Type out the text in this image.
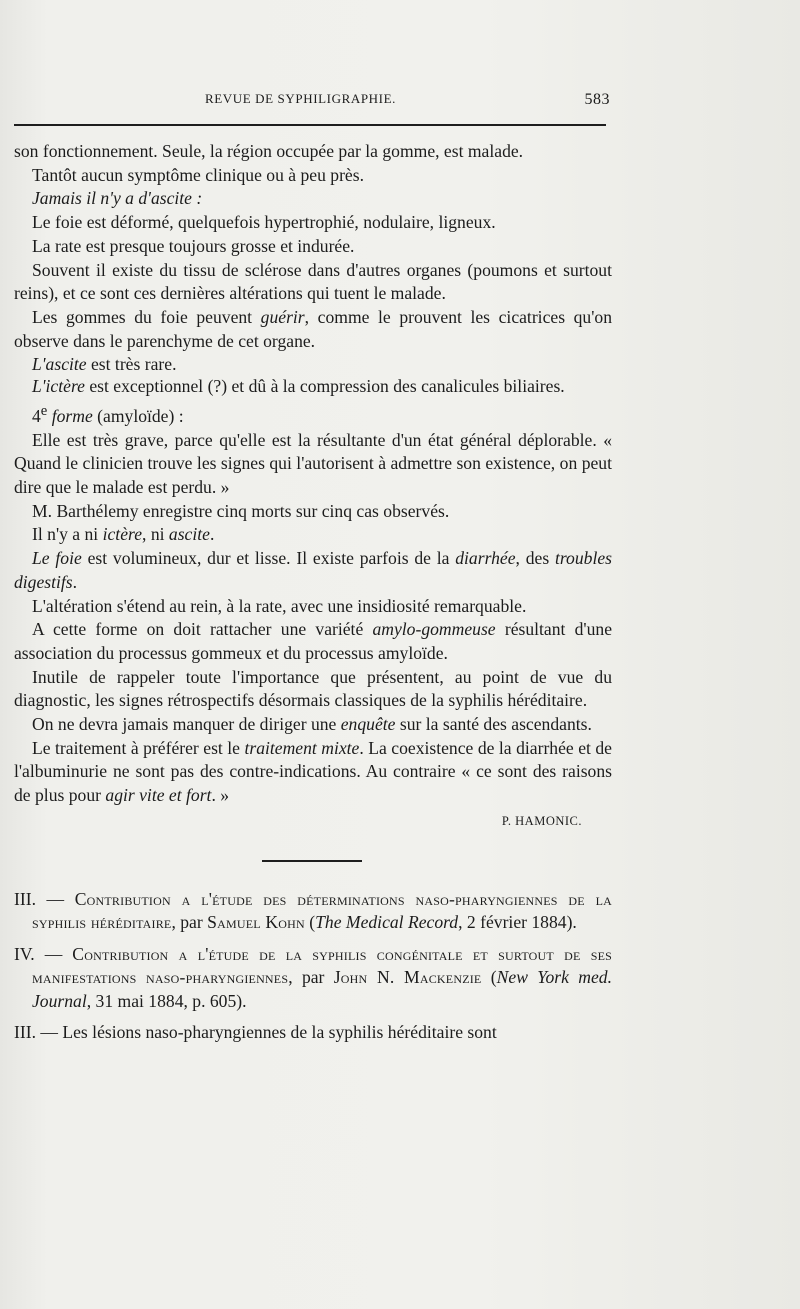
REVUE DE SYPHILIGRAPHIE.	583

son fonctionnement. Seule, la région occupée par la gomme, est malade.

Tantôt aucun symptôme clinique ou à peu près.

Jamais il n'y a d'ascite :

Le foie est déformé, quelquefois hypertrophié, nodulaire, ligneux.

La rate est presque toujours grosse et indurée.

Souvent il existe du tissu de sclérose dans d'autres organes (poumons et surtout reins), et ce sont ces dernières altérations qui tuent le malade.

Les gommes du foie peuvent guérir, comme le prouvent les cicatrices qu'on observe dans le parenchyme de cet organe.

L'ascite est très rare.

L'ictère est exceptionnel (?) et dû à la compression des canalicules biliaires.

4e forme (amyloïde) :

Elle est très grave, parce qu'elle est la résultante d'un état général déplorable. « Quand le clinicien trouve les signes qui l'autorisent à admettre son existence, on peut dire que le malade est perdu. »

M. Barthélemy enregistre cinq morts sur cinq cas observés.

Il n'y a ni ictère, ni ascite.

Le foie est volumineux, dur et lisse. Il existe parfois de la diarrhée, des troubles digestifs.

L'altération s'étend au rein, à la rate, avec une insidiosité remarquable.

A cette forme on doit rattacher une variété amylo-gommeuse résultant d'une association du processus gommeux et du processus amyloïde.

Inutile de rappeler toute l'importance que présentent, au point de vue du diagnostic, les signes rétrospectifs désormais classiques de la syphilis héréditaire.

On ne devra jamais manquer de diriger une enquête sur la santé des ascendants.

Le traitement à préférer est le traitement mixte. La coexistence de la diarrhée et de l'albuminurie ne sont pas des contre-indications. Au contraire « ce sont des raisons de plus pour agir vite et fort. »

P. HAMONIC.

III. — Contribution a l'étude des déterminations naso-pharyngiennes de la syphilis héréditaire, par Samuel Kohn (The Medical Record, 2 février 1884).

IV. — Contribution a l'étude de la syphilis congénitale et surtout de ses manifestations naso-pharyngiennes, par John N. Mackenzie (New York med. Journal, 31 mai 1884, p. 605).

III. — Les lésions naso-pharyngiennes de la syphilis héréditaire sont
